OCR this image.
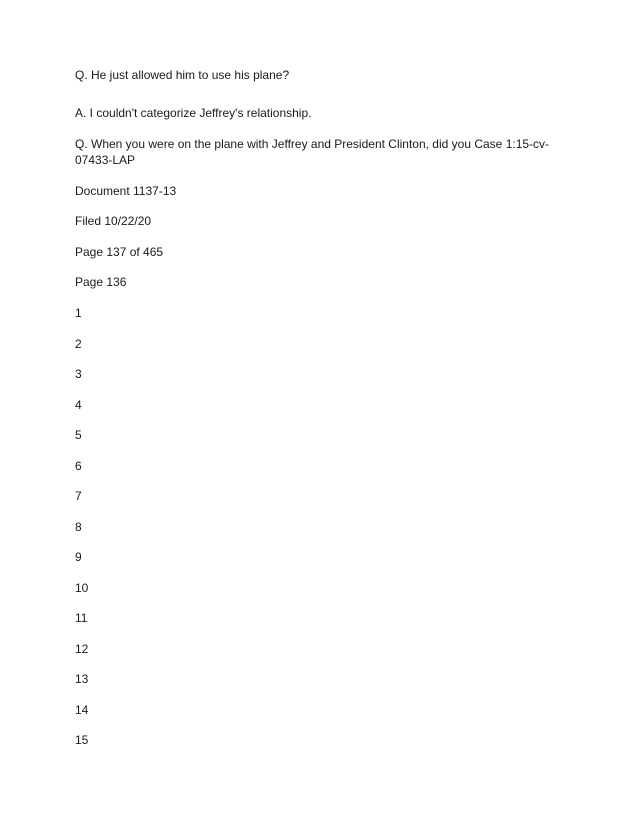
Q. He just allowed him to use his plane?

A. I couldn't categorize Jeffrey's relationship.

Q. When you were on the plane with Jeffrey and President Clinton, did you Case 1:15-cv-07433-LAP

Document 1137-13

Filed 10/22/20

Page 137 of 465

Page 136

1
2
3
4
5
6
7
8
9
10
11
12
13
14
15
